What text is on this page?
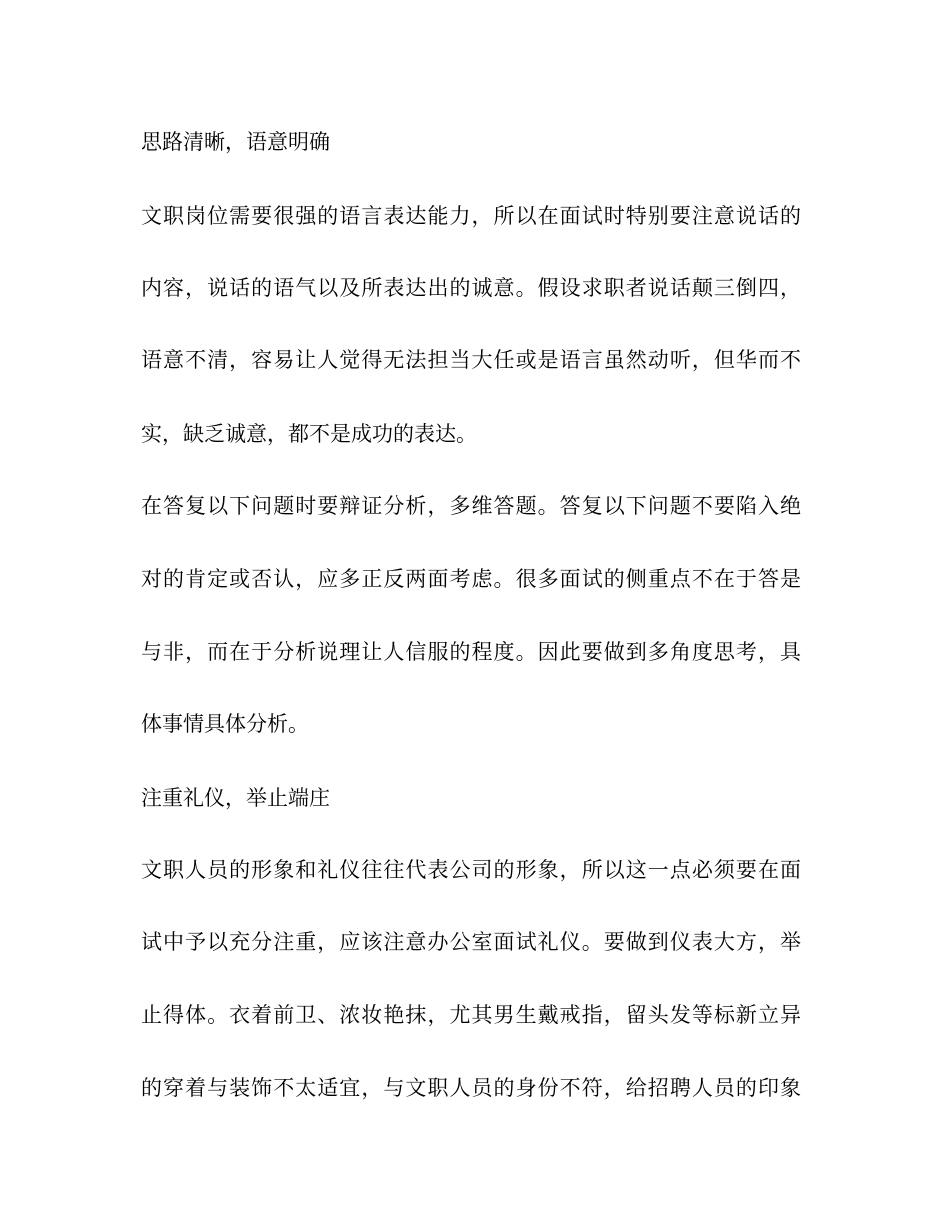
思路清晰，语意明确

文职岗位需要很强的语言表达能力，所以在面试时特别要注意说话的

内容，说话的语气以及所表达出的诚意。假设求职者说话颠三倒四，

语意不清，容易让人觉得无法担当大任或是语言虽然动听，但华而不

实，缺乏诚意，都不是成功的表达。

在答复以下问题时要辩证分析，多维答题。答复以下问题不要陷入绝

对的肯定或否认，应多正反两面考虑。很多面试的侧重点不在于答是

与非，而在于分析说理让人信服的程度。因此要做到多角度思考，具

体事情具体分析。

注重礼仪，举止端庄

文职人员的形象和礼仪往往代表公司的形象，所以这一点必须要在面

试中予以充分注重，应该注意办公室面试礼仪。要做到仪表大方，举

止得体。衣着前卫、浓妆艳抹，尤其男生戴戒指，留头发等标新立异

的穿着与装饰不太适宜，与文职人员的身份不符，给招聘人员的印象
